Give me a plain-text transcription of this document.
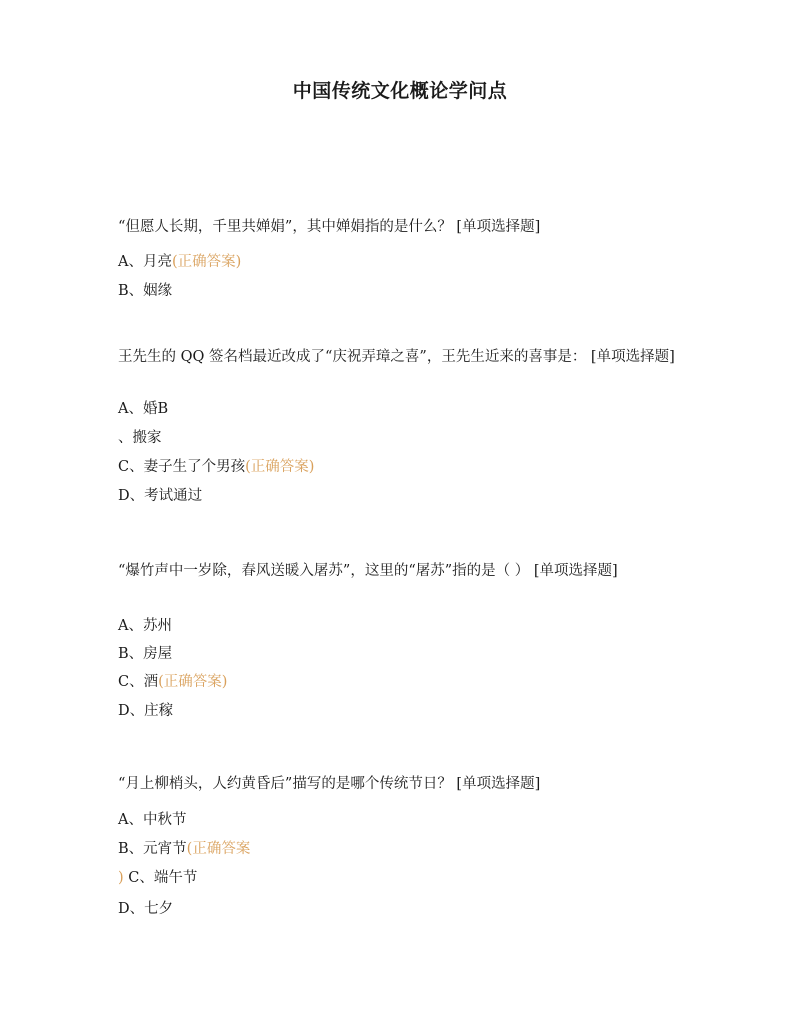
中国传统文化概论学问点

“但愿人长期，千里共婵娟”，其中婵娟指的是什么？ [单项选择题]

A、月亮(正确答案)

B、姻缘

王先生的 QQ 签名档最近改成了“庆祝弄璋之喜”，王先生近来的喜事是： [单项选择题]

A、婚B

、搬家

C、妻子生了个男孩(正确答案)

D、考试通过

“爆竹声中一岁除，春风送暖入屠苏”，这里的“屠苏”指的是（ ） [单项选择题]

A、苏州

B、房屋

C、酒(正确答案)

D、庄稼

“月上柳梢头，人约黄昏后”描写的是哪个传统节日？ [单项选择题]

A、中秋节

B、元宵节(正确答案

) C、端午节

D、七夕
